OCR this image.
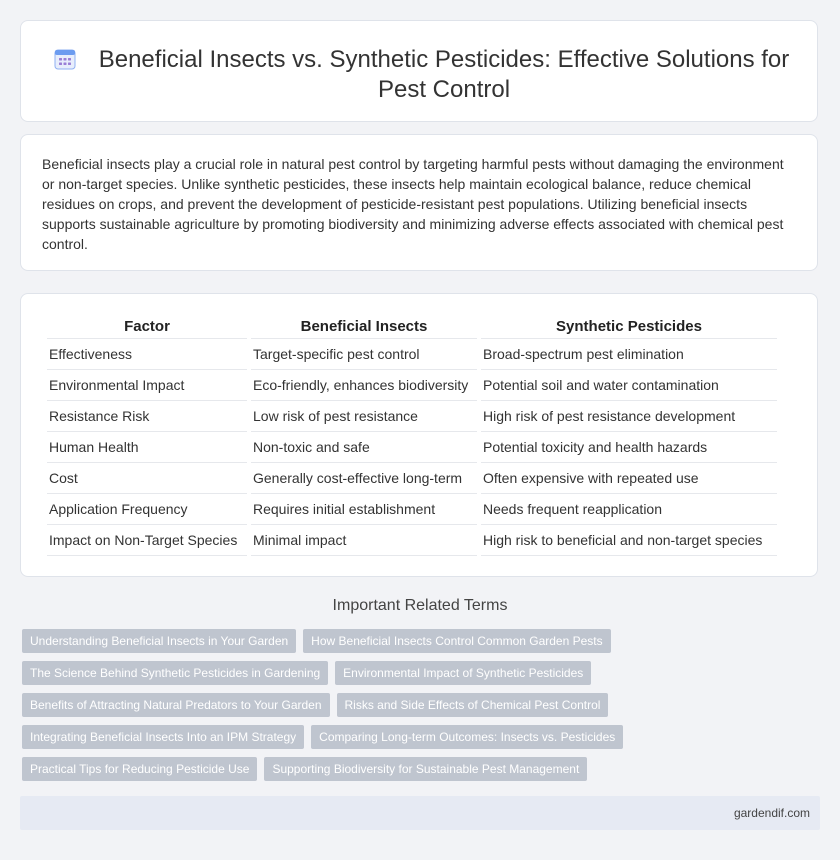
Beneficial Insects vs. Synthetic Pesticides: Effective Solutions for Pest Control

Beneficial insects play a crucial role in natural pest control by targeting harmful pests without damaging the environment or non-target species. Unlike synthetic pesticides, these insects help maintain ecological balance, reduce chemical residues on crops, and prevent the development of pesticide-resistant pest populations. Utilizing beneficial insects supports sustainable agriculture by promoting biodiversity and minimizing adverse effects associated with chemical pest control.

Factor	Beneficial Insects	Synthetic Pesticides
Effectiveness	Target-specific pest control	Broad-spectrum pest elimination
Environmental Impact	Eco-friendly, enhances biodiversity	Potential soil and water contamination
Resistance Risk	Low risk of pest resistance	High risk of pest resistance development
Human Health	Non-toxic and safe	Potential toxicity and health hazards
Cost	Generally cost-effective long-term	Often expensive with repeated use
Application Frequency	Requires initial establishment	Needs frequent reapplication
Impact on Non-Target Species	Minimal impact	High risk to beneficial and non-target species
Important Related Terms
Understanding Beneficial Insects in Your Garden	How Beneficial Insects Control Common Garden Pests
The Science Behind Synthetic Pesticides in Gardening	Environmental Impact of Synthetic Pesticides
Benefits of Attracting Natural Predators to Your Garden	Risks and Side Effects of Chemical Pest Control
Integrating Beneficial Insects Into an IPM Strategy	Comparing Long-term Outcomes: Insects vs. Pesticides
Practical Tips for Reducing Pesticide Use	Supporting Biodiversity for Sustainable Pest Management
gardendif.com
